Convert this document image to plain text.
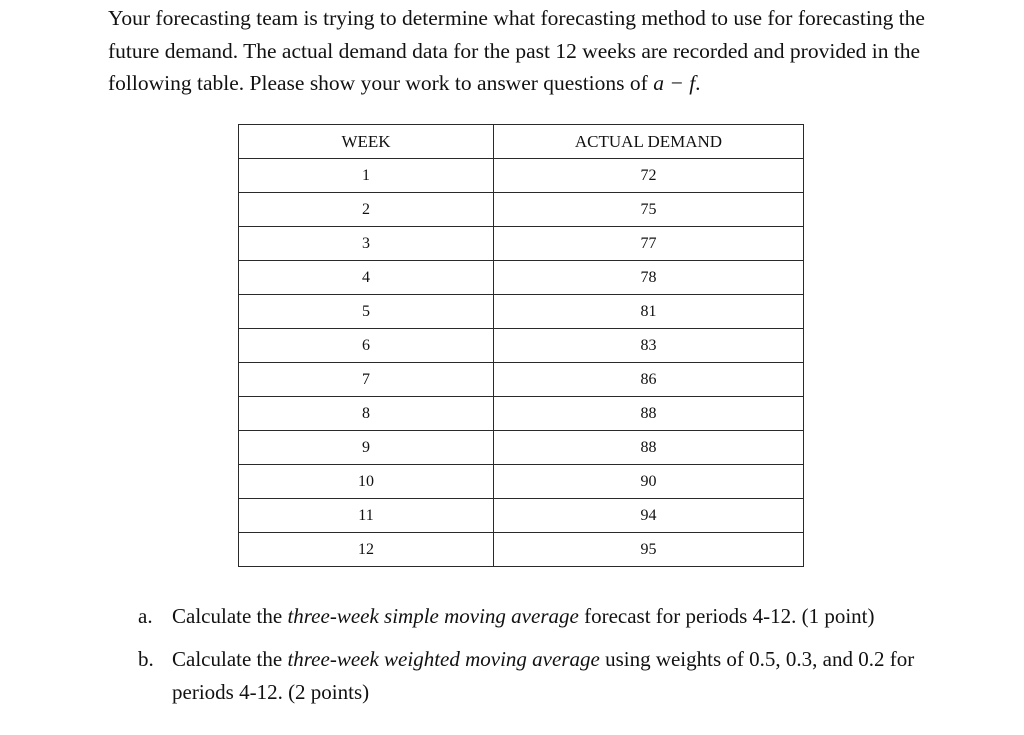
Your forecasting team is trying to determine what forecasting method to use for forecasting the future demand. The actual demand data for the past 12 weeks are recorded and provided in the following table. Please show your work to answer questions of a − f.

WEEK	ACTUAL DEMAND
1	72
2	75
3	77
4	78
5	81
6	83
7	86
8	88
9	88
10	90
11	94
12	95
a. Calculate the three-week simple moving average forecast for periods 4-12. (1 point)
b. Calculate the three-week weighted moving average using weights of 0.5, 0.3, and 0.2 for periods 4-12. (2 points)
